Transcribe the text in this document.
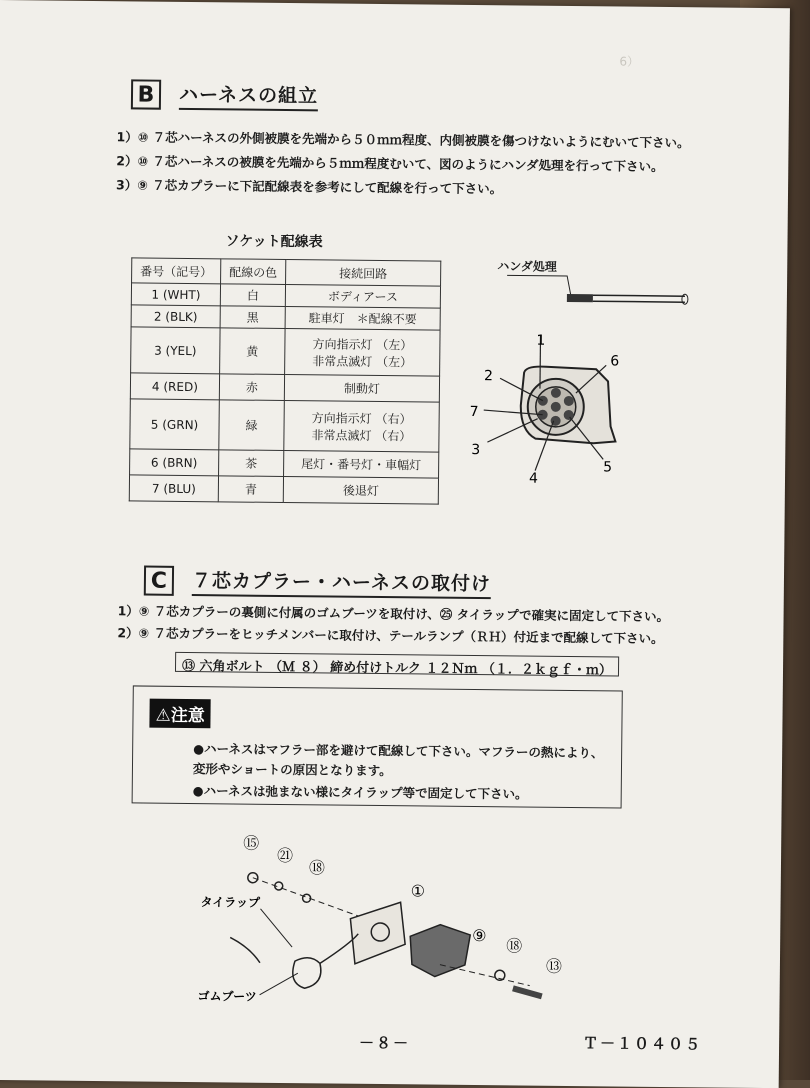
6）
B	ハーネスの組立
1）⑩ ７芯ハーネスの外側被膜を先端から５０ｍｍ程度、内側被膜を傷つけないようにむいて下さい。
2）⑩ ７芯ハーネスの被膜を先端から５ｍｍ程度むいて、図のようにハンダ処理を行って下さい。
3）⑨ ７芯カプラーに下記配線表を参考にして配線を行って下さい。
ソケット配線表
番号（記号）	配線の色	接続回路
1 (WHT)	白	ボディアース
2 (BLK)	黒	駐車灯　＊配線不要
3 (YEL)	黄	方向指示灯 （左）
非常点滅灯 （左）

4 (RED)	赤	制動灯
5 (GRN)	緑	方向指示灯 （右）
非常点滅灯 （右）

6 (BRN)	茶	尾灯・番号灯・車幅灯
7 (BLU)	青	後退灯
ハンダ処理
1
2
3
4
5
6
7
C	７芯カプラー・ハーネスの取付け
1）⑨ ７芯カプラーの裏側に付属のゴムブーツを取付け、㉕ タイラップで確実に固定して下さい。
2）⑨ ７芯カプラーをヒッチメンバーに取付け、テールランプ（ＲＨ）付近まで配線して下さい。
⑬ 六角ボルト （Ｍ ８） 締め付けトルク １２Ｎｍ （１．２ｋｇｆ・ｍ）
⚠注意
●ハーネスはマフラー部を避けて配線して下さい。マフラーの熱により、
変形やショートの原因となります。
●ハーネスは弛まない様にタイラップ等で固定して下さい。
⑮
㉑
⑱
①
⑨
⑱
⑬
タイラップ
ゴムブーツ
－８－	Ｔ－１０４０５
